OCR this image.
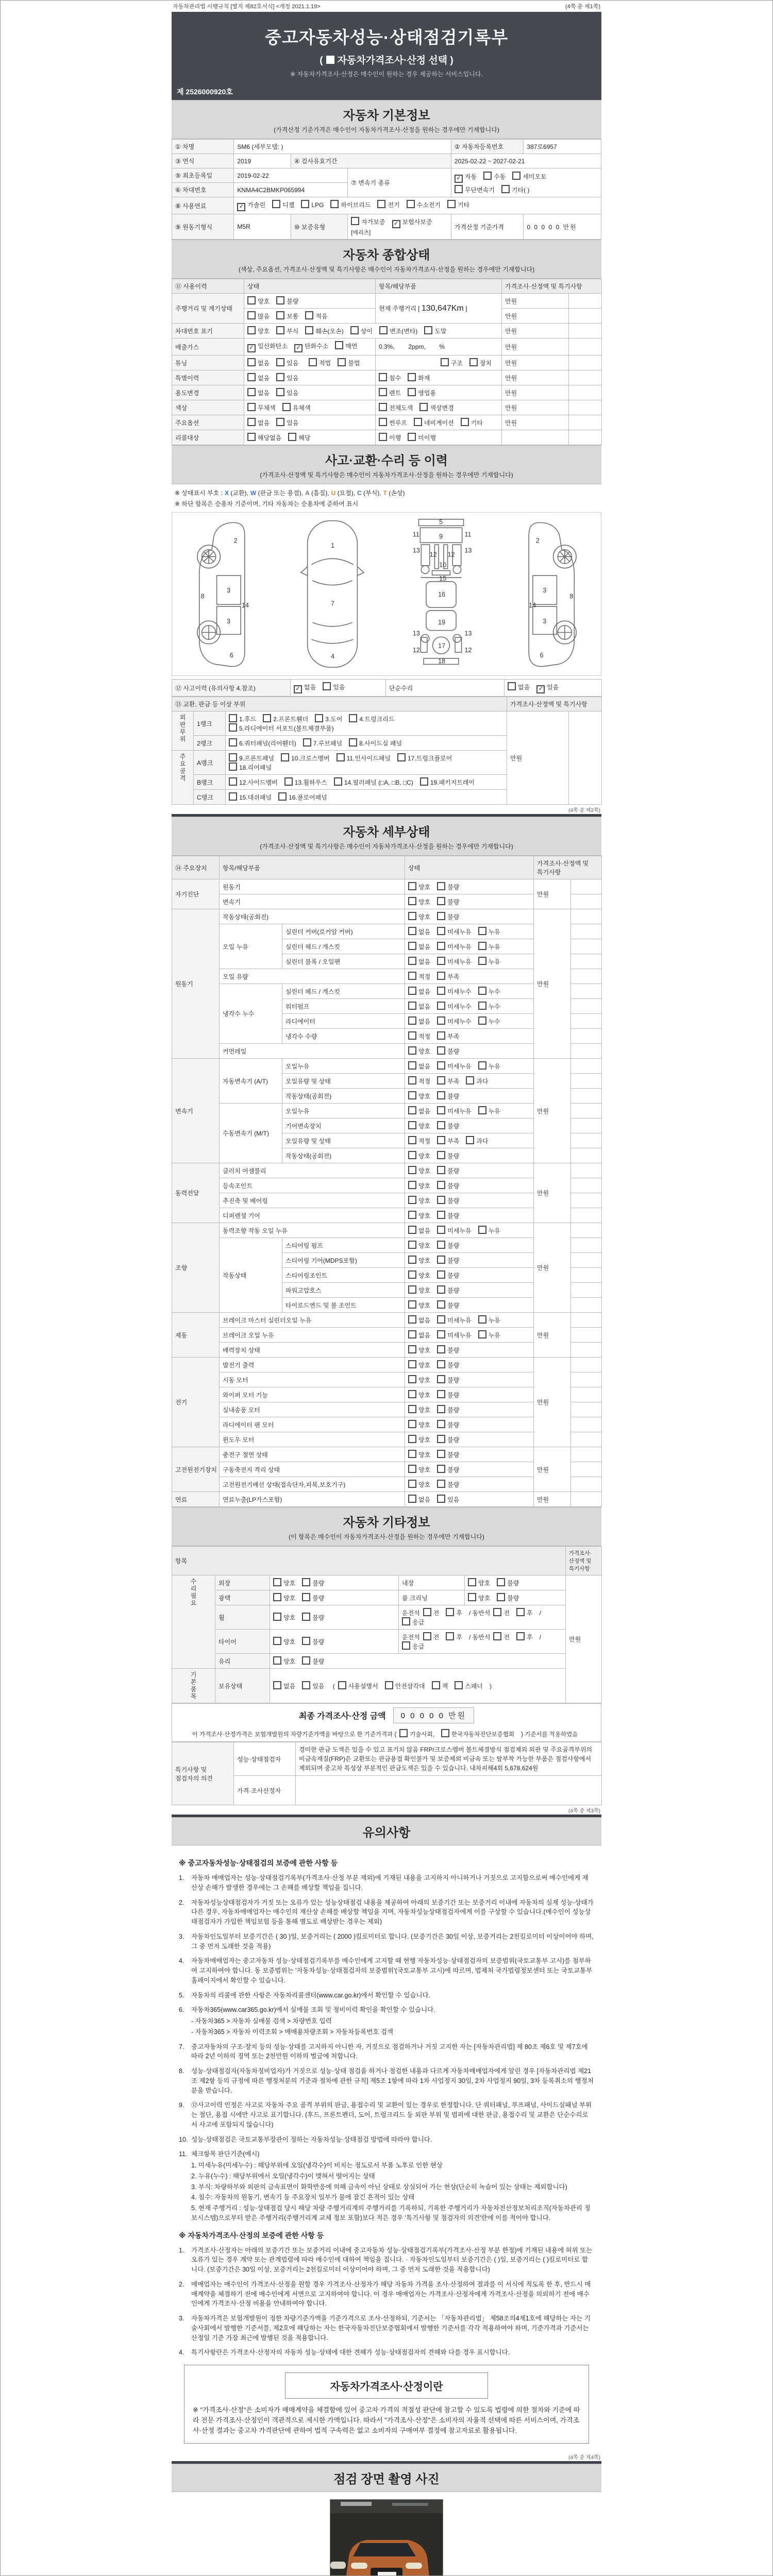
자동차관리법 시행규칙 [별지 제82호서식] <개정 2021.1.19>	(4쪽 중 제1쪽)
중고자동차성능·상태점검기록부
( 자동차가격조사·산정 선택 )
※ 자동차가격조사·산정은 매수인이 원하는 경우 제공하는 서비스입니다.
제 2526000920호
자동차 기본정보
(가격산정 기준가격은 매수인이 자동차가격조사·산정을 원하는 경우에만 기재합니다)
① 차명	SM6 (세부모델: )			② 자동차등록번호	387로6957
③ 연식	2019	④ 검사유효기간		2025-02-22 ~ 2027-02-21	
⑤ 최초등록일	2019-02-22		⑦ 변속기 종류	✓ 자동 수동 세미오토
무단변속기 기타( )	

⑥ 차대번호	KNMA4C2BMKP065994				
⑧ 사용연료	✓ 가솔린 디젤 LPG 하이브리드 전기 수소전기 기타				
⑨ 원동기형식	M5R	⑩ 보증유형	자가보증 ✓ 보험사보증[메리츠]	가격산정 기준가격	0 0 0 0 0 만원
자동차 종합상태
(색상, 주요옵션, 가격조사·산정액 및 특기사항은 매수인이 자동차가격조사·산정을 원하는 경우에만 기재합니다)
⑪ 사용이력	상태	항목/해당부품	가격조사·산정액 및 특기사항	
주행거리 및 계기상태	양호 불량	현재 주행거리 [ 130,647Km ]	만원	
	많음 보통 적음		만원	
차대번호 표기	양호 부식 훼손(오손) 상이 변조(변타) 도말		만원	
배출가스	✓ 일산화탄소 ✓ 탄화수소 매연	0.3%,        2ppm,        %	만원	
튜닝	없음 있음 적법 불법	구조 장치	만원	
특별이력	없음 있음	침수 화재	만원	
용도변경	없음 있음	렌트 영업용	만원	
색상	무채색 유채색	전체도색 색상변경	만원	
주요옵션	없음 있음	썬루프 네비게이션 기타	만원	
리콜대상	해당없음 해당	이행 미이행		
사고·교환·수리 등 이력
(가격조사·산정액 및 특기사항은 매수인이 자동차가격조사·산정을 원하는 경우에만 기재합니다)
※ 상태표시 부호 : X (교환), W (판금 또는 용접), A (흠집), U (요철), C (부식), T (손상)
※ 하단 항목은 승용차 기준이며, 기타 자동차는 승용차에 준하여 표시
2
8
3
3
14
6
1
7
4
5
9
11	11
13	13
12 12
10
15
16
13	13
19
12	12
17
18
2
8
3
3
14
6
⑫ 사고이력 (유의사항 4.참조)	✓ 없음	있음	단순수리	없음 ✓ 있음
⑬ 교환, 판금 등 이상 부위			가격조사·산정액 및 특기사항	
외판부위	1랭크	1.후드 2.프론트휀더 3.도어 4.트렁크리드5.라디에이터 서포트(볼트체결부품)	만원	
	2랭크	6.쿼터패널(리어휀더) 7.루브패널 8.사이드실 패널		
주요골격	A랭크	9.프론트패널 10.크로스멤버 11.인사이드패널 17.트렁크플로어18.리어패널		
	B랭크	12.사이드멤버 13.휠하우스 14.필러패널 (□A, □B, □C) 19.패키지트레이		
	C랭크	15.대쉬패널 16.플로어패널		
(4쪽 중 제2쪽)
자동차 세부상태
(가격조사·산정액 및 특기사항은 매수인이 자동차가격조사·산정을 원하는 경우에만 기재합니다)
⑭ 주요장치	항목/해당부품		상태	가격조사·산정액 및 특기사항	
자기진단	원동기		양호 불량	만원	
	변속기		양호 불량		
원동기	작동상태(공회전)		양호 불량	만원	
	오일 누유	실린더 커버(로커암 커버)	없음 미세누유 누유		
		실린더 헤드 / 개스킷	없음 미세누유 누유		
		실린더 블록 / 오일팬	없음 미세누유 누유		
	오일 유량		적정 부족		
	냉각수 누수	실린더 헤드 / 개스킷	없음 미세누수 누수		
		워터펌프	없음 미세누수 누수		
		라디에이터	없음 미세누수 누수		
		냉각수 수량	적정 부족		
	커먼레일		양호 불량		
변속기	자동변속기 (A/T)	오일누유	없음 미세누유 누유	만원	
		오일유량 및 상태	적정 부족 과다		
		작동상태(공회전)	양호 불량		
	수동변속기 (M/T)	오일누유	없음 미세누유 누유		
		기어변속장치	양호 불량		
		오일유량 및 상태	적정 부족 과다		
		작동상태(공회전)	양호 불량		
동력전달	클러치 어셈블리		양호 불량	만원	
	등속조인트		양호 불량		
	추진축 및 베어링		양호 불량		
	디퍼렌셜 기어		양호 불량		
조향	동력조향 작동 오일 누유		없음 미세누유 누유	만원	
	작동상태	스티어링 펌프	양호 불량		
		스티어링 기어(MDPS포함)	양호 불량		
		스티어링조인트	양호 불량		
		파워고압호스	양호 불량		
		타이로드엔드 및 볼 조인트	양호 불량		
제동	브레이크 마스터 실린더오일 누유		없음 미세누유 누유	만원	
	브레이크 오일 누유		없음 미세누유 누유		
	배력장치 상태		양호 불량		
전기	발전기 출력		양호 불량	만원	
	시동 모터		양호 불량		
	와이퍼 모터 기능		양호 불량		
	실내송풍 모터		양호 불량		
	라디에이터 팬 모터		양호 불량		
	윈도우 모터		양호 불량		
고전원전기장치	충전구 절연 상태		양호 불량	만원	
	구동축전지 격리 상태		양호 불량		
	고전원전기배선 상태(접속단자,피복,보호기구)		양호 불량		
연료	연료누출(LP가스포함)		없음 있음	만원	
자동차 기타정보
(이 항목은 매수인이 자동차가격조사·산정을 원하는 경우에만 기재합니다)
항목					가격조사·산정액 및 특기사항
수리필요	외장	양호 불량	내장	양호 불량	만원
	광택	양호 불량	룸 크리닝	양호 불량	
	휠	양호 불량	운전석 전 후 / 동반석 전 후 /응급		
	타이어	양호 불량	운전석 전 후 / 동반석 전 후 /응급		
	유리	양호 불량			
기본품목	보유상태	없음 있음 ( 사용설명서 안전삼각대 잭 스패너 )			
최종 가격조사·산정 금액	0 0 0 0 0 만원
이 가격조사·산정가격은 보험개발원의 차량기준가액을 바탕으로 한 기준가격과 ( 기술사회,	한국자동차진단보증협회 ) 기준서를 적용하였음
특기사항 및 점검자의 의견	성능·상태점검자	경미한 판금 도색은 있을 수 있고 표기치 않음 FRP/크로스멤버 볼트체결방식 점검제외 외판 및 주요골격부위의 비금속재질(FRP)은 교환또는 판금용접 확인불가 및 보증제외 비금속 또는 탈부착 가능한 부품은 점검사항에서 제외되며 중고차 특성상 부분적인 판금도색은 있을 수 있습니다. 내차피해4회 5,678,624원
	가격·조사산정자	
(4쪽 중 제3쪽)
유의사항
※ 중고자동차성능·상태점검의 보증에 관한 사항 등
1.	자동차 매매업자는 성능·상태점검기록부(가격조사·산정 부분 제외)에 기재된 내용을 고지하지 아니하거나 거짓으로 고지함으로써 매수인에게 재산상 손해가 발생한 경우에는 그 손해를 배상할 책임을 집니다.
2.	자동차성능상태점검자가 거짓 또는 오류가 있는 성능상태점검 내용을 제공하여 아래의 보증기간 또는 보증거리 이내에 자동차의 실제 성능·상태가 다른 경우, 자동차매매업자는 매수인의 재산상 손해를 배상할 책임을 지며, 자동차성능상태점검자에게 이를 구상할 수 있습니다.(매수인이 성능상태점검자가 가입한 책임보험 등을 통해 별도로 배상받는 경우는 제외)
3.	자동차인도일부터 보증기간은 ( 30 )일, 보증거리는 ( 2000 )킬로미터로 합니다. (보증기간은 30일 이상, 보증거리는 2천킬로미터 이상이어야 하며, 그 중 먼저 도래한 것을 적용)
4.	자동차매매업자는 중고자동차 성능·상태점검기록부를 매수인에게 고지할 때 현행 자동차성능·상태점검자의 보증범위(국토교통부 고시)를 첨부하여 고지하여야 합니다. 동 보증범위는 '자동차성능·상태점검자의 보증범위'(국토교통부 고시)에 따르며, 법제처 국가법령정보센터 또는 국토교통부 홈페이지에서 확인할 수 있습니다.
5.	자동차의 리콜에 관한 사항은 자동차리콜센터(www.car.go.kr)에서 확인할 수 있습니다.
6.	자동차365(www.car365.go.kr)에서 실매물 조회 및 정비이력 확인을 확인할 수 있습니다.
- 자동차365 > 자동차 실매물 검색 > 차량번호 입력
- 자동차365 > 자동차 이력조회 > 매매용차량조회 > 자동차등록번호 검색
7.	중고자동차의 구조·장치 등의 성능·상태를 고지하지 아니한 자, 거짓으로 점검하거나 거짓 고지한 자는 [자동차관리법] 제 80조 제6호 및 제7호에 따라 2년 이하의 징역 또는 2천만원 이하의 벌금에 처합니다.
8.	성능·상태점검자(자동차정비업자)가 거짓으로 성능·상태 점검을 하거나 점검한 내용과 다르게 자동차매매업자에게 알린 경우 [자동차관리법 제21조 제2항 등의 규정에 따른 행정처분의 기준과 절차에 관한 규칙] 제5조 1항에 따라 1차 사업정지 30일, 2차 사업정지 90일, 3차 등록취소의 행정처분을 받습니다.
9.	⑫사고이력 인정은 사고로 자동차 주요 골격 부위의 판금, 용접수리 및 교환이 있는 경우로 한정합니다. 단 쿼터패널, 루프패널, 사이드실패널 부위는 절단, 용접 시에만 사고로 표기합니다. (후드, 프론트펜더, 도어, 트렁크리드 등 외판 부위 및 범퍼에 대한 판금, 용접수리 및 교환은 단순수리로서 사고에 포함되지 않습니다)
10. 성능·상태점검은 국토교통부장관이 정하는 자동차성능·상태점검 방법에 따라야 합니다.
11. 체크항목 판단기준(예시)
1. 미세누유(미세누수) : 해당부위에 오일(냉각수)이 비치는 정도로서 부품 노후로 인한 현상
2. 누유(누수) : 해당부위에서 오일(냉각수)이 맺혀서 떨어지는 상태
3. 부식: 차량하부와 외판의 금속표면이 화학반응에 의해 금속이 아닌 상태로 상실되어 가는 현상(단순히 녹슬어 있는 상태는 제외합니다)
4. 침수: 자동차의 원동기, 변속기 등 주요장치 일부가 물에 잠긴 흔적이 있는 상태
5. 현재 주행거리 : 성능·상태점검 당시 해당 차량 주행거리계의 주행거리를 기록하되, 기록한 주행거리가 자동차전산정보처리조직(자동차관리 정보시스템)으로부터 받은 주행거리(주행거리계 교체 정보 포함)보다 적은 경우 '특기사항 및 점검자의 의견'란에 이를 적어야 합니다.
※ 자동차가격조사·산정의 보증에 관한 사항 등
1.	가격조사·산정자는 아래의 보증기간 또는 보증거리 이내에 중고자동차 성능·상태점검기록부(가격조사·산정 부분 한정)에 기재된 내용에 허위 또는 오류가 있는 경우 계약 또는 관계법령에 따라 매수인에 대하여 책임을 집니다. · 자동차인도일부터 보증기간은 ( )일, 보증거리는 ( )킬로미터로 합니다. (보증기간은 30일 이상, 보증거리는 2천킬로미터 이상이어야 하며, 그 중 먼저 도래한 것을 적용합니다)
2.	매매업자는 매수인이 가격조사·산정을 원할 경우 가격조사·산정자가 해당 자동차 가격을 조사·산정하여 결과를 이 서식에 적도록 한 후, 반드시 매매계약을 체결하기 전에 매수인에게 서면으로 고지하여야 합니다. 이 경우 매매업자는 가격조사·산정자에게 가격조사·산정을 의뢰하기 전에 매수인에게 가격조사·산정 비용을 안내하여야 합니다.
3.	자동차가격은 보험개발원이 정한 차량기준가액을 기준가격으로 조사·산정하되, 기준서는 「자동차관리법」 제58조의4제1호에 해당하는 자는 기술사회에서 발행한 기준서를, 제2호에 해당하는 자는 한국자동차진단보증협회에서 발행한 기준서를 각각 적용하여야 하며, 기준가격과 기준서는 산정일 기준 가장 최근에 발행된 것을 적용합니다.
4.	특기사항란은 가격조사·산정자의 자동차 성능·상태에 대한 견해가 성능·상태점검자의 견해와 다를 경우 표시합니다.
자동차가격조사·산정이란
※ "가격조사·산정"은 소비자가 매매계약을 체결함에 있어 중고차 가격의 적절성 판단에 참고할 수 있도록 법령에 의한 절차와 기준에 따라 전문 가격조사·산정인이 객관적으로 제시한 가액입니다. 따라서 "가격조사·산정"은 소비자의 자율적 선택에 따른 서비스이며, 가격조사·산정 결과는 중고차 가격판단에 관하여 법적 구속력은 없고 소비자의 구매여부 결정에 참고자료로 활용됩니다.
(4쪽 중 제4쪽)
점검 장면 촬영 사진
